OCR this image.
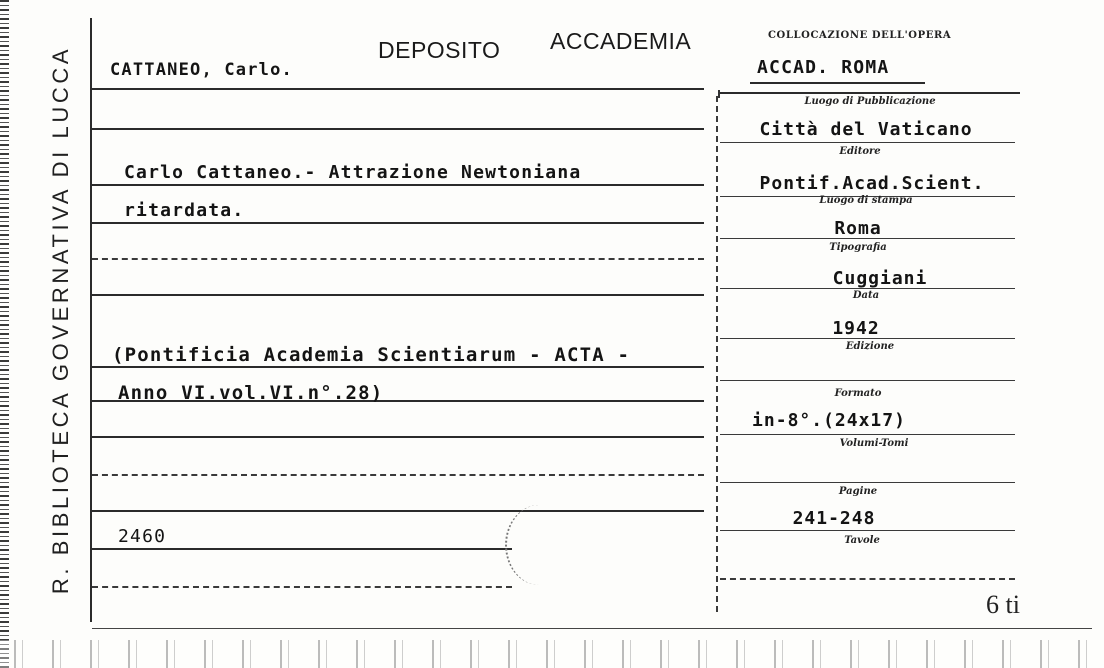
R. BIBLIOTECA GOVERNATIVA DI LUCCA	DEPOSITO ACCADEMIA	COLLOCAZIONE DELL'OPERA
ACCAD. ROMA
CATTANEO, Carlo.
Carlo Cattaneo.- Attrazione Newtoniana
ritardata.
(Pontificia Academia Scientiarum - ACTA -
Anno VI.vol.VI.n°.28)
2460
Luogo di Pubblicazione
Città del Vaticano
Editore
Pontif.Acad.Scient.
Luogo di stampa
Roma
Tipografia
Cuggiani
Data
1942
Edizione
Formato
in-8°.(24x17)
Volumi-Tomi
Pagine
241-248
Tavole
6 ti
